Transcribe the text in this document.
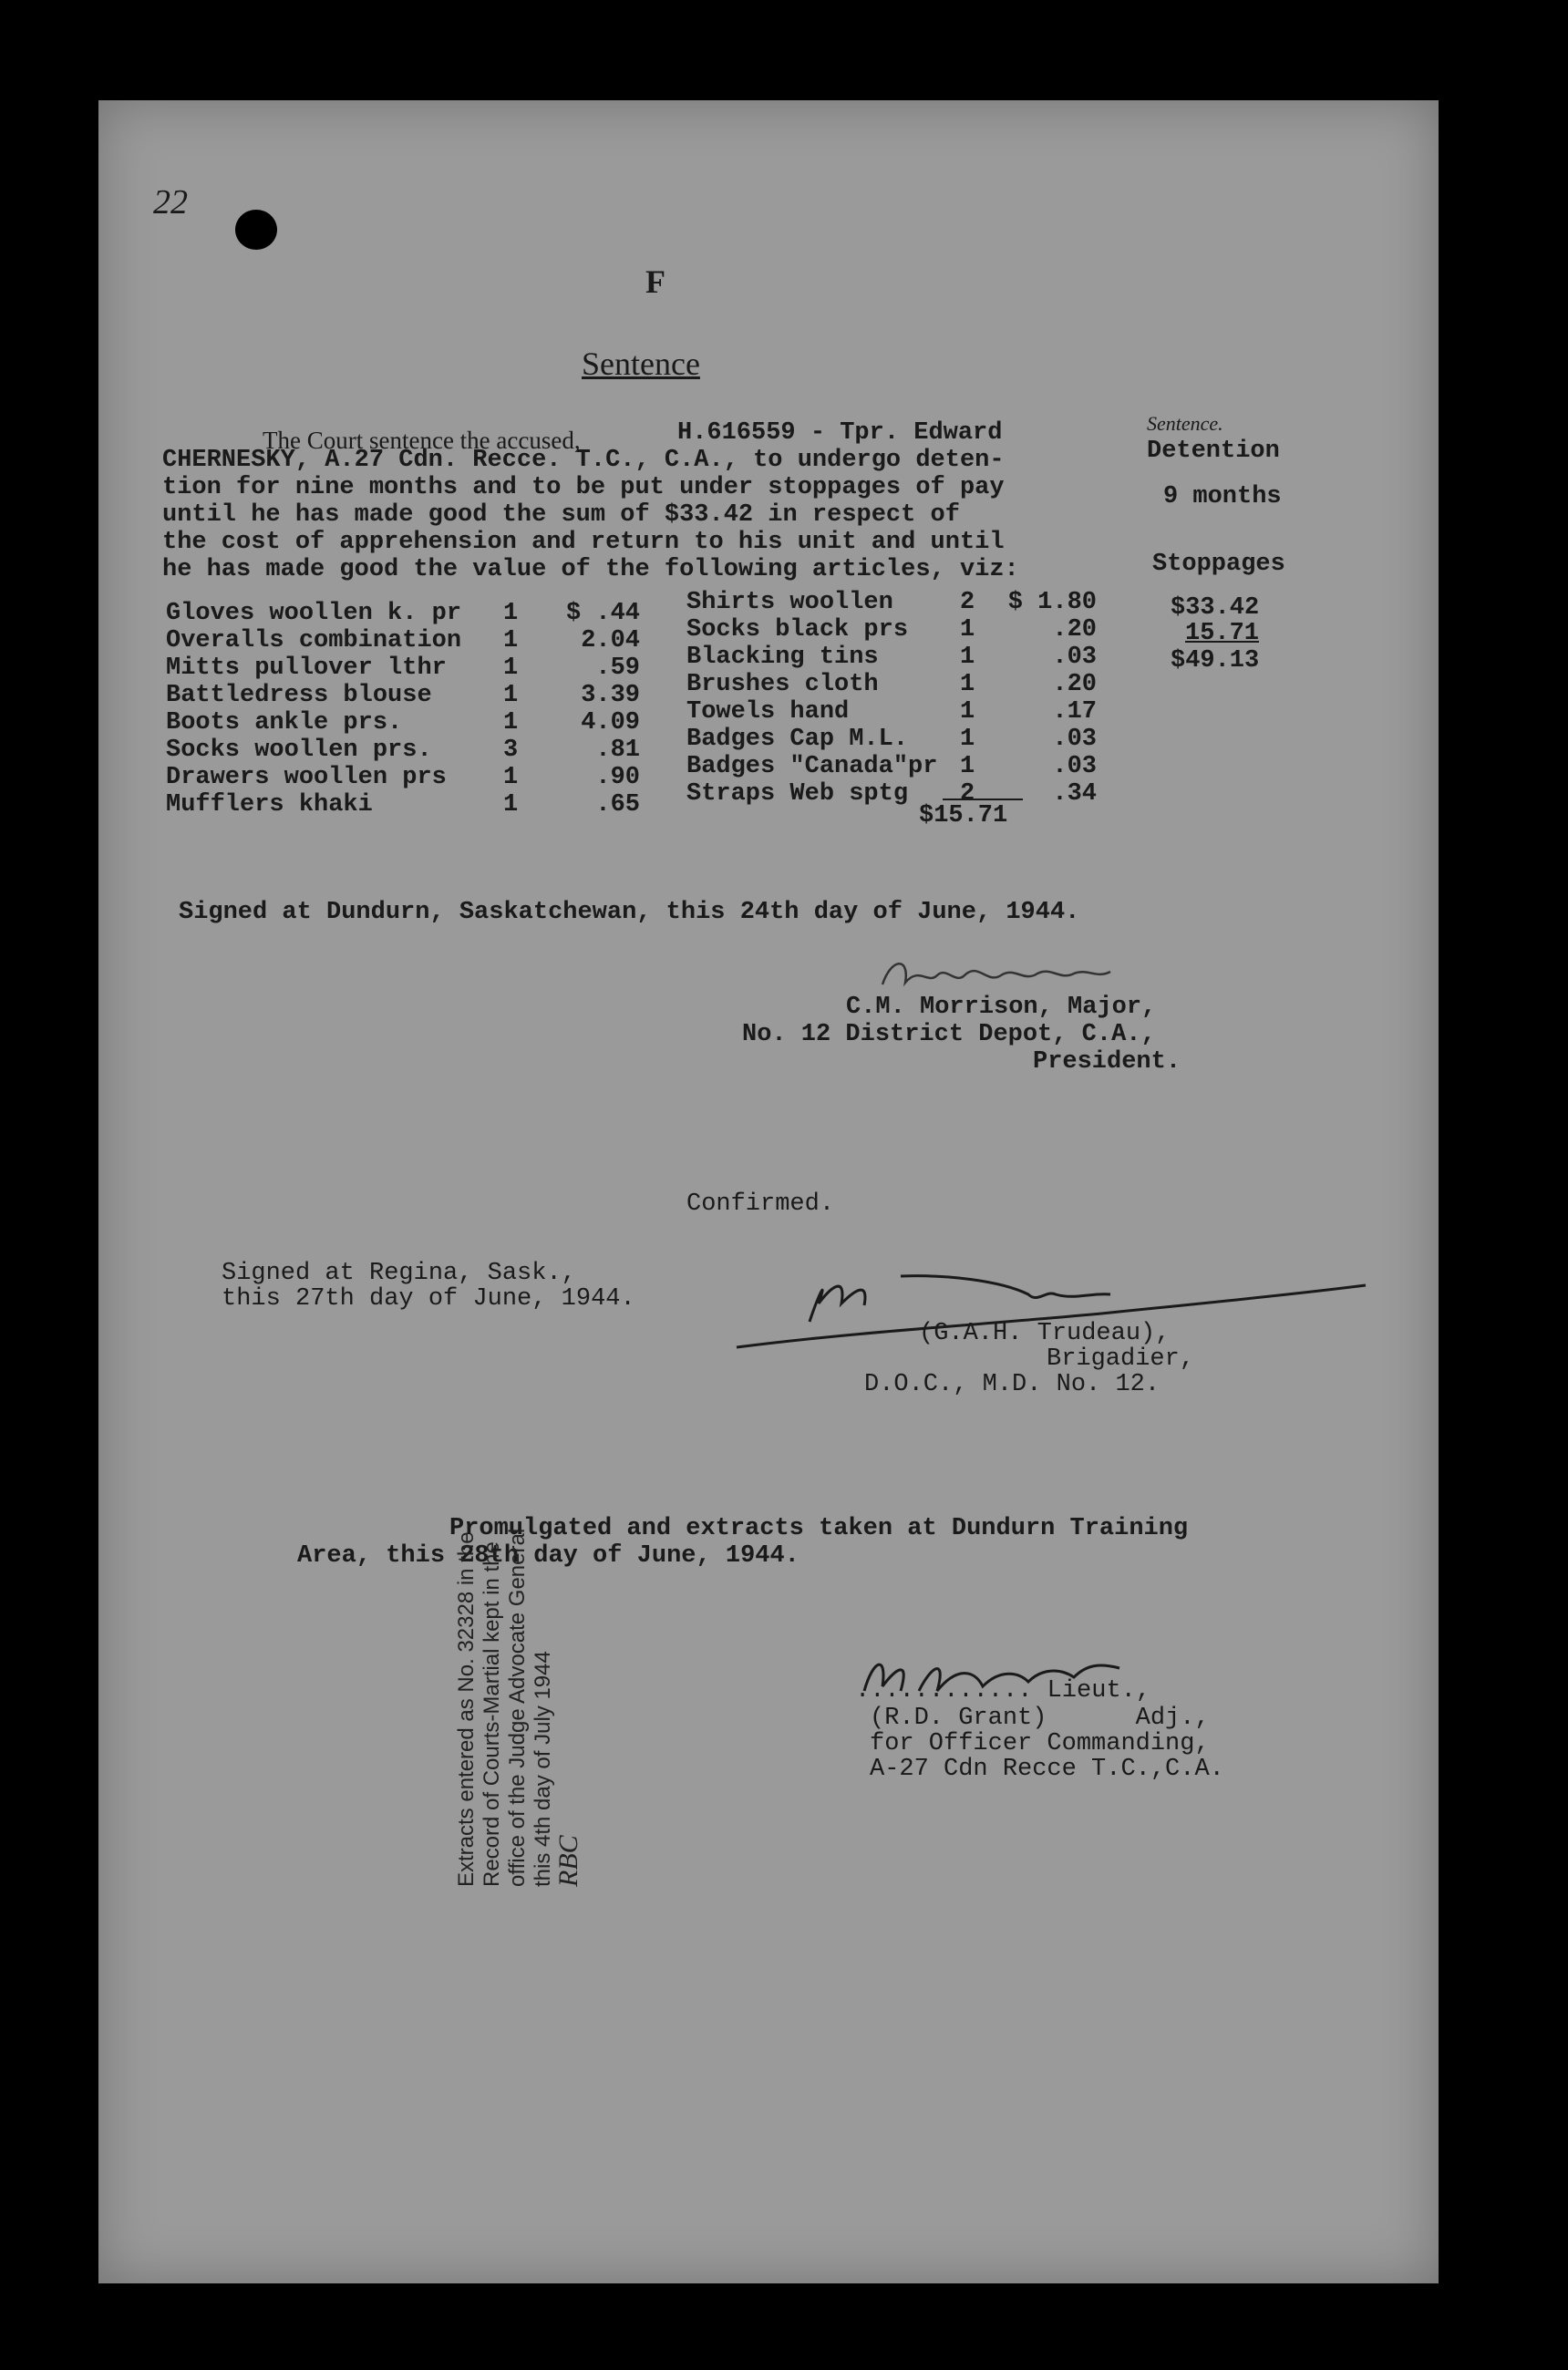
22
F
Sentence
The Court sentence the accused,	H.616559 - Tpr. Edward
CHERNESKY, A.27 Cdn. Recce. T.C., C.A., to undergo deten-
tion for nine months and to be put under stoppages of pay
until he has made good the sum of $33.42 in respect of
the cost of apprehension and return to his unit and until
he has made good the value of the following articles, viz:
Sentence.
Detention
9 months
Stoppages
$33.42
15.71
$49.13
Gloves woollen k. pr	1	$ .44
Overalls combination	1	2.04
Mitts pullover lthr	1	.59
Battledress blouse	1	3.39
Boots ankle prs.	1	4.09
Socks woollen prs.	3	.81
Drawers woollen prs	1	.90
Mufflers khaki	1	.65
Shirts woollen	2	$ 1.80
Socks black prs	1	.20
Blacking tins	1	.03
Brushes cloth	1	.20
Towels hand	1	.17
Badges Cap M.L.	1	.03
Badges "Canada"pr	1	.03
Straps Web sptg	2	.34
$15.71
Signed at Dundurn, Saskatchewan, this 24th day of June, 1944.
C.M. Morrison, Major,
No. 12 District Depot, C.A.,
President.
Confirmed.
Signed at Regina, Sask.,
this 27th day of June, 1944.
(G.A.H. Trudeau),
Brigadier,
D.O.C., M.D. No. 12.
Promulgated and extracts taken at Dundurn Training
Area, this 28th day of June, 1944.
............ Lieut.,
(R.D. Grant)      Adj.,
for Officer Commanding,
A-27 Cdn Recce T.C.,C.A.
Extracts entered as No. 32328 in the Record of Courts-Martial kept in the office of the Judge Advocate General this 4th day of July 1944
RBC
